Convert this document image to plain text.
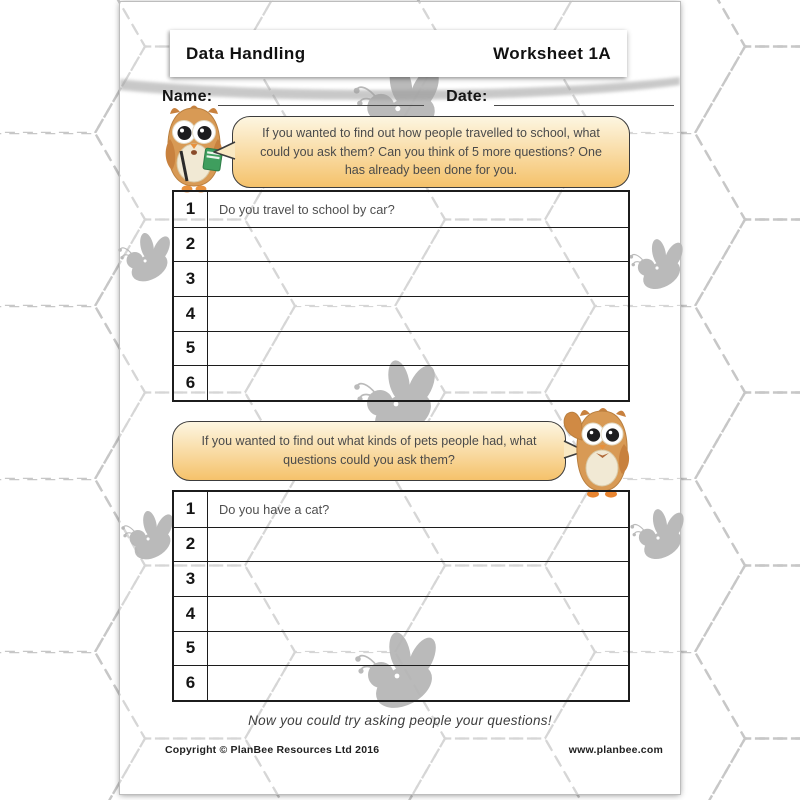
Data Handling	Worksheet 1A
Name:	Date:
If you wanted to find out how people travelled to school, what could you ask them? Can you think of 5 more questions? One has already been done for you.
1	Do you travel to school by car?
2
3
4
5
6
If you wanted to find out what kinds of pets people had, what questions could you ask them?
1	Do you have a cat?
2
3
4
5
6
Now you could try asking people your questions!
Copyright © PlanBee Resources Ltd 2016	www.planbee.com
